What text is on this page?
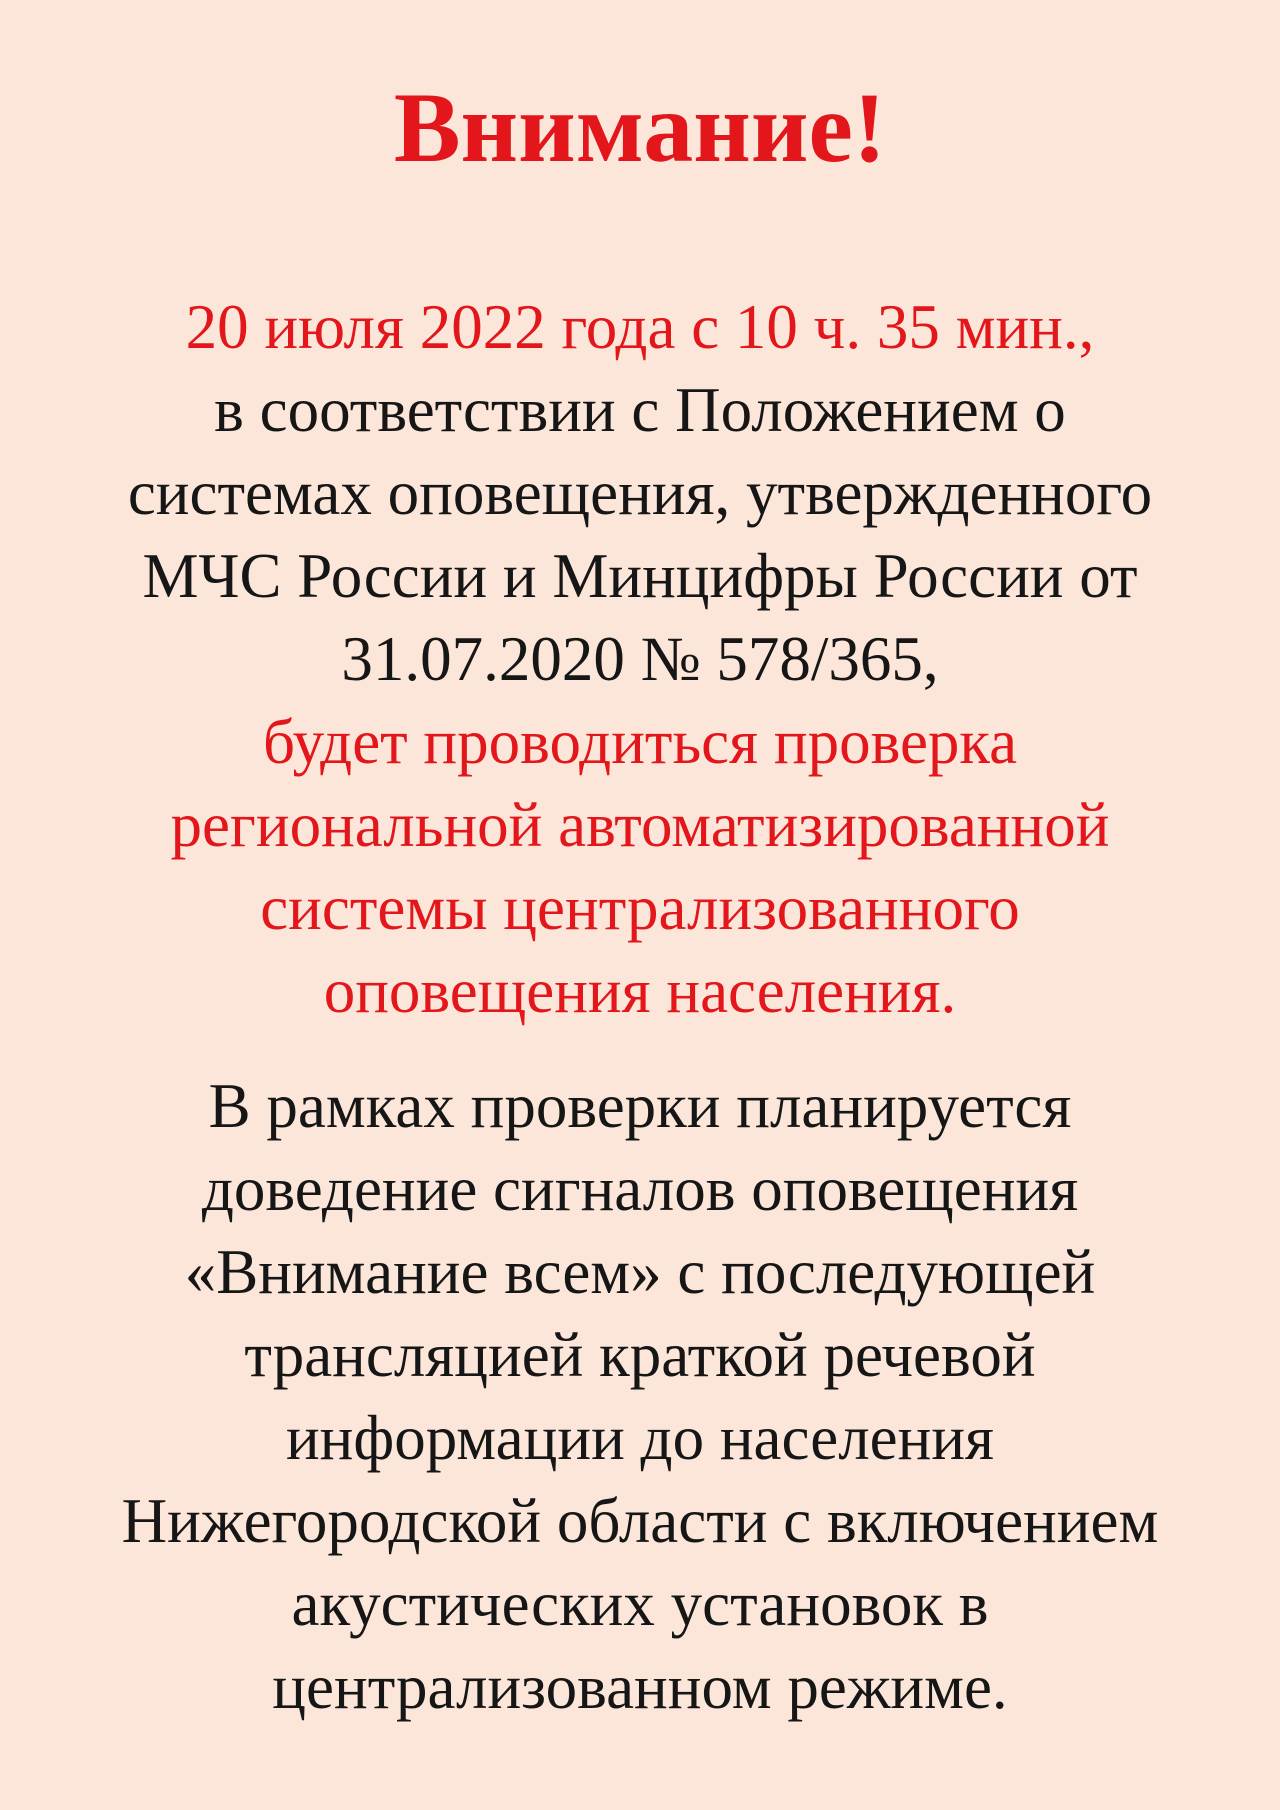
Внимание!
20 июля 2022 года с 10 ч. 35 мин.,

в соответствии с Положением о
системах оповещения, утвержденного
МЧС России и Минцифры России от
31.07.2020 № 578/365,

будет проводиться проверка
региональной автоматизированной
системы централизованного
оповещения населения.

В рамках проверки планируется
доведение сигналов оповещения
«Внимание всем» с последующей
трансляцией краткой речевой
информации до населения
Нижегородской области с включением
акустических установок в
централизованном режиме.
